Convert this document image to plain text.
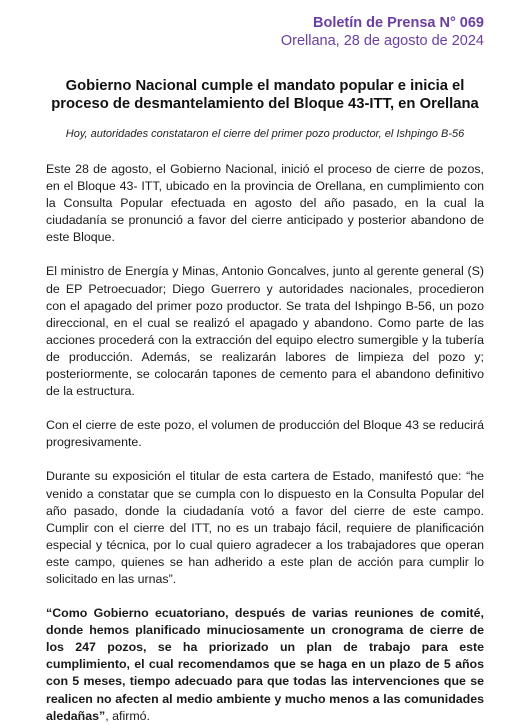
Boletín de Prensa N° 069
Orellana, 28 de agosto de 2024
Gobierno Nacional cumple el mandato popular e inicia el proceso de desmantelamiento del Bloque 43-ITT, en Orellana
Hoy, autoridades constataron el cierre del primer pozo productor, el Ishpingo B-56

Este 28 de agosto, el Gobierno Nacional, inició el proceso de cierre de pozos, en el Bloque 43- ITT, ubicado en la provincia de Orellana, en cumplimiento con la Consulta Popular efectuada en agosto del año pasado, en la cual la ciudadanía se pronunció a favor del cierre anticipado y posterior abandono de este Bloque.

El ministro de Energía y Minas, Antonio Goncalves, junto al gerente general (S) de EP Petroecuador; Diego Guerrero y autoridades nacionales, procedieron con el apagado del primer pozo productor. Se trata del Ishpingo B-56, un pozo direccional, en el cual se realizó el apagado y abandono. Como parte de las acciones procederá con la extracción del equipo electro sumergible y la tubería de producción. Además, se realizarán labores de limpieza del pozo y; posteriormente, se colocarán tapones de cemento para el abandono definitivo de la estructura.

Con el cierre de este pozo, el volumen de producción del Bloque 43 se reducirá progresivamente.

Durante su exposición el titular de esta cartera de Estado, manifestó que: “he venido a constatar que se cumpla con lo dispuesto en la Consulta Popular del año pasado, donde la ciudadanía votó a favor del cierre de este campo. Cumplir con el cierre del ITT, no es un trabajo fácil, requiere de planificación especial y técnica, por lo cual quiero agradecer a los trabajadores que operan este campo, quienes se han adherido a este plan de acción para cumplir lo solicitado en las urnas”.

“Como Gobierno ecuatoriano, después de varias reuniones de comité, donde hemos planificado minuciosamente un cronograma de cierre de los 247 pozos, se ha priorizado un plan de trabajo para este cumplimiento, el cual recomendamos que se haga en un plazo de 5 años con 5 meses, tiempo adecuado para que todas las intervenciones que se realicen no afecten al medio ambiente y mucho menos a las comunidades aledañas”, afirmó.
